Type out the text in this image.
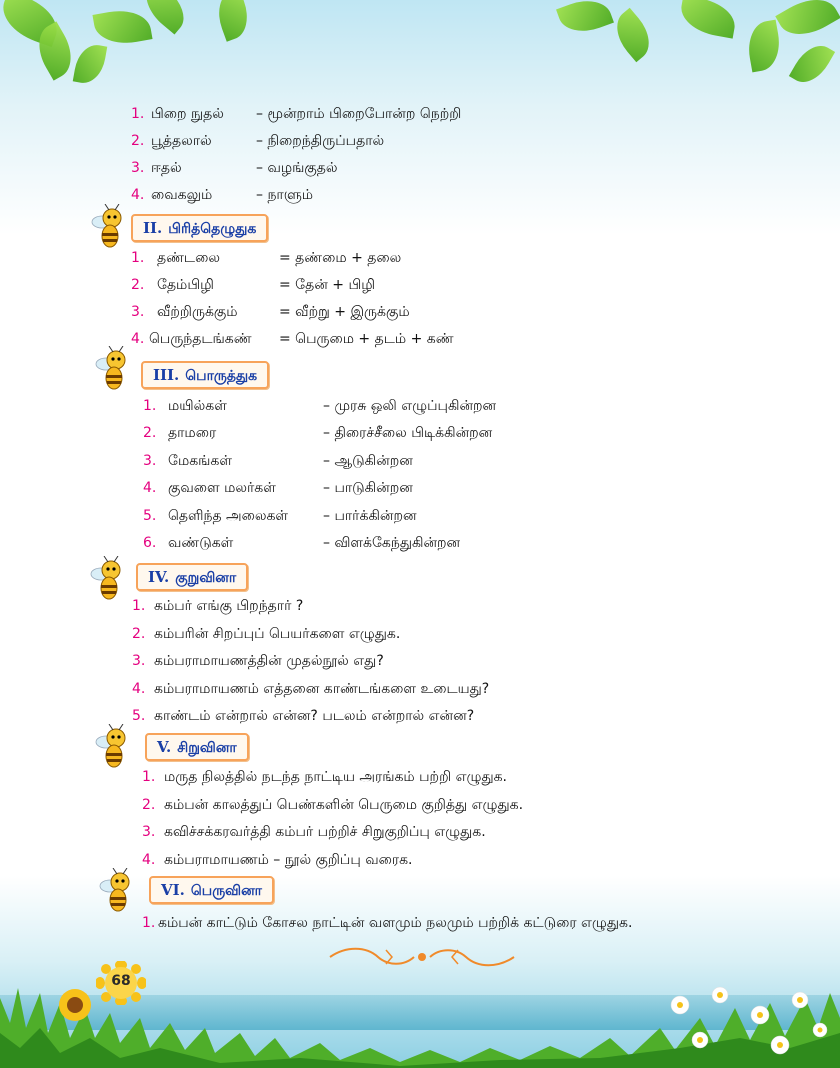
1. பிறை நுதல் – மூன்றாம் பிறைபோன்ற நெற்றி
2. பூத்தலால்	– நிறைந்திருப்பதால்
3. ஈதல்	– வழங்குதல்
4. வைகலும்	– நாளும்
II. பிரித்தெழுதுக
1. தண்டலை	= தண்மை + தலை
2. தேம்பிழி	= தேன் + பிழி
3. வீற்றிருக்கும்	= வீற்று + இருக்கும்
4. பெருந்தடங்கண் = பெருமை + தடம் + கண்
III. பொருத்துக
1. மயில்கள்	– முரசு ஒலி எழுப்புகின்றன
2. தாமரை	– திரைச்சீலை பிடிக்கின்றன
3. மேகங்கள்	– ஆடுகின்றன
4. குவளை மலர்கள்	– பாடுகின்றன
5. தெளிந்த அலைகள் – பார்க்கின்றன
6. வண்டுகள்	– விளக்கேந்துகின்றன
IV. குறுவினா
1. கம்பர் எங்கு பிறந்தார் ?
2. கம்பரின் சிறப்புப் பெயர்களை எழுதுக.
3. கம்பராமாயணத்தின் முதல்நூல் எது?
4. கம்பராமாயணம் எத்தனை காண்டங்களை உடையது?
5. காண்டம் என்றால் என்ன? படலம் என்றால் என்ன?
V. சிறுவினா
1. மருத நிலத்தில் நடந்த நாட்டிய அரங்கம் பற்றி எழுதுக.
2. கம்பன் காலத்துப் பெண்களின் பெருமை குறித்து எழுதுக.
3. கவிச்சக்கரவர்த்தி கம்பர் பற்றிச் சிறுகுறிப்பு எழுதுக.
4. கம்பராமாயணம் – நூல் குறிப்பு வரைக.
VI. பெருவினா
1. கம்பன் காட்டும் கோசல நாட்டின் வளமும் நலமும் பற்றிக் கட்டுரை எழுதுக.
68
